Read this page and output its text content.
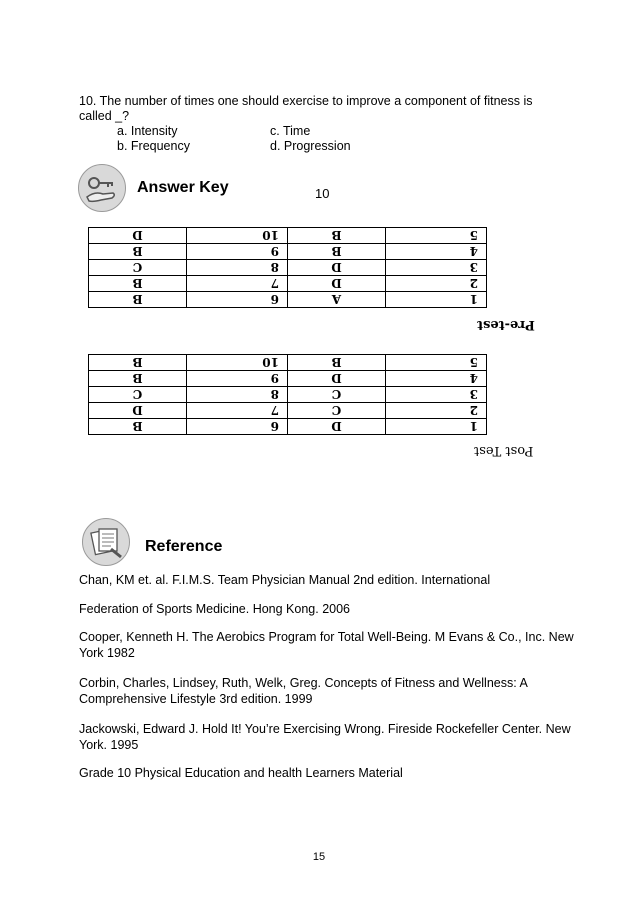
10. The number of times one should exercise to improve a component of fitness is called _?
a. Intensity
b. Frequency
c. Time
d. Progression
Answer Key	10
1	A	6	B
2	D	7	B
3	D	8	C
4	B	9	B
5	B	10	D
Pre-test
1	D	6	B
2	C	7	D
3	C	8	C
4	D	9	B
5	B	10	B
Post Test
Reference
Chan, KM et. al. F.I.M.S. Team Physician Manual 2nd edition. International
Federation of Sports Medicine. Hong Kong. 2006
Cooper, Kenneth H. The Aerobics Program for Total Well-Being. M Evans & Co., Inc. New York 1982
Corbin, Charles, Lindsey, Ruth, Welk, Greg. Concepts of Fitness and Wellness: A Comprehensive Lifestyle 3rd edition. 1999
Jackowski, Edward J. Hold It! You’re Exercising Wrong. Fireside Rockefeller Center. New York. 1995
Grade 10 Physical Education and health Learners Material
15
